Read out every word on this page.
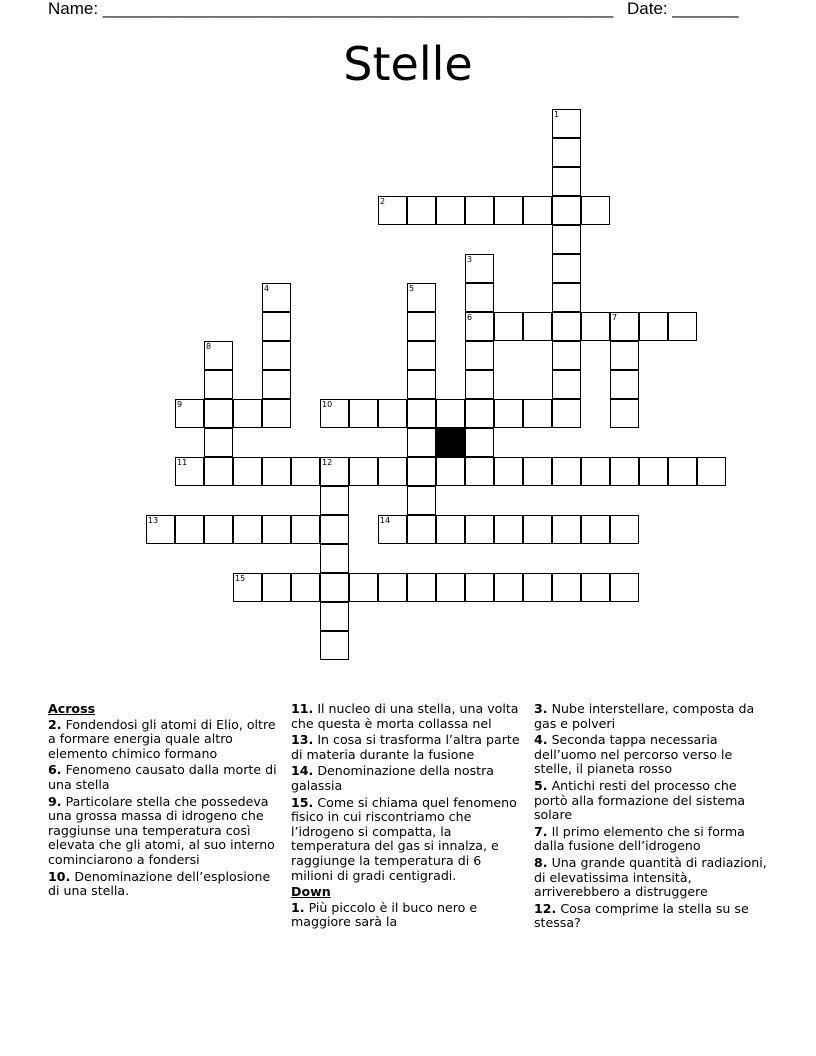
Name: ______________________________________________________ Date: _______
Stelle
1
2
3
6
4	5
7
8
9	10
11	12
13	14
15
Across
2. Fondendosi gli atomi di Elio, oltre a formare energia quale altro elemento chimico formano
6. Fenomeno causato dalla morte di una stella
9. Particolare stella che possedeva una grossa massa di idrogeno che raggiunse una temperatura così elevata che gli atomi, al suo interno cominciarono a fondersi
10. Denominazione dell’esplosione di una stella.
11. Il nucleo di una stella, una volta che questa è morta collassa nel
13. In cosa si trasforma l’altra parte di materia durante la fusione
14. Denominazione della nostra galassia
15. Come si chiama quel fenomeno fisico in cui riscontriamo che l’idrogeno si compatta, la temperatura del gas si innalza, e raggiunge la temperatura di 6 milioni di gradi centigradi.
Down
1. Più piccolo è il buco nero e maggiore sarà la
3. Nube interstellare, composta da gas e polveri
4. Seconda tappa necessaria dell’uomo nel percorso verso le stelle, il pianeta rosso
5. Antichi resti del processo che portò alla formazione del sistema solare
7. Il primo elemento che si forma dalla fusione dell’idrogeno
8. Una grande quantità di radiazioni, di elevatissima intensità, arriverebbero a distruggere
12. Cosa comprime la stella su se stessa?
